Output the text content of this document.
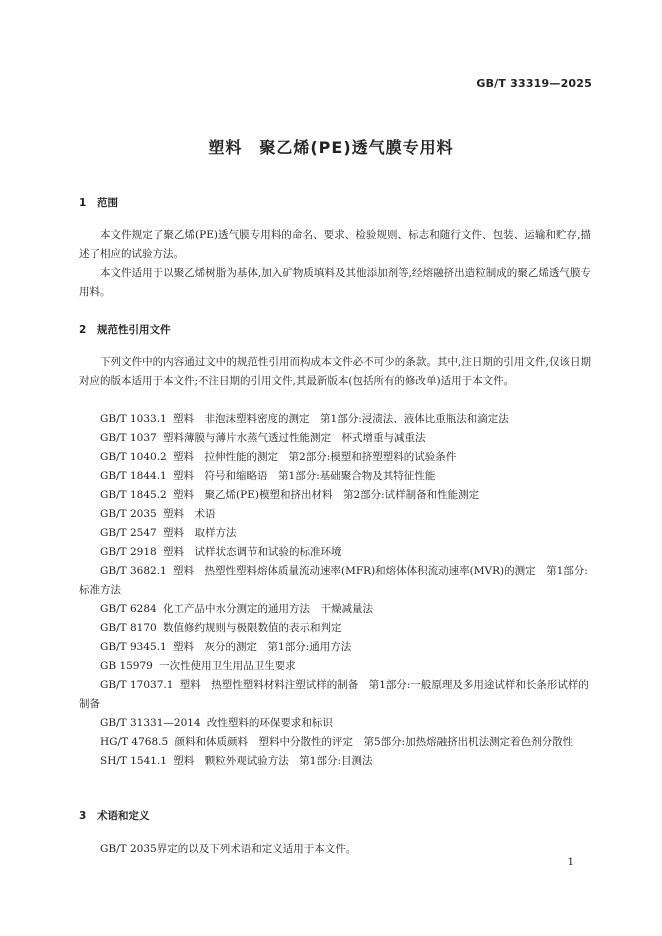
GB/T 33319—2025
塑料　聚乙烯(PE)透气膜专用料
1 范围

本文件规定了聚乙烯(PE)透气膜专用料的命名、要求、检验规则、标志和随行文件、包装、运输和贮存,描述了相应的试验方法。

本文件适用于以聚乙烯树脂为基体,加入矿物质填料及其他添加剂等,经熔融挤出造粒制成的聚乙烯透气膜专用料。

2 规范性引用文件

下列文件中的内容通过文中的规范性引用而构成本文件必不可少的条款。其中,注日期的引用文件,仅该日期对应的版本适用于本文件;不注日期的引用文件,其最新版本(包括所有的修改单)适用于本文件。

GB/T 1033.1 塑料　非泡沫塑料密度的测定　第1部分:浸渍法、液体比重瓶法和滴定法
GB/T 1037 塑料薄膜与薄片水蒸气透过性能测定　杯式增重与减重法
GB/T 1040.2 塑料　拉伸性能的测定　第2部分:模塑和挤塑塑料的试验条件
GB/T 1844.1 塑料　符号和缩略语　第1部分:基础聚合物及其特征性能
GB/T 1845.2 塑料　聚乙烯(PE)模塑和挤出材料　第2部分:试样制备和性能测定
GB/T 2035 塑料　术语
GB/T 2547 塑料　取样方法
GB/T 2918 塑料　试样状态调节和试验的标准环境
GB/T 3682.1 塑料　热塑性塑料熔体质量流动速率(MFR)和熔体体积流动速率(MVR)的测定　第1部分:标准方法
GB/T 6284 化工产品中水分测定的通用方法　干燥减量法
GB/T 8170 数值修约规则与极限数值的表示和判定
GB/T 9345.1 塑料　灰分的测定　第1部分:通用方法
GB 15979 一次性使用卫生用品卫生要求
GB/T 17037.1 塑料　热塑性塑料材料注塑试样的制备　第1部分:一般原理及多用途试样和长条形试样的制备
GB/T 31331—2014 改性塑料的环保要求和标识
HG/T 4768.5 颜料和体质颜料　塑料中分散性的评定　第5部分:加热熔融挤出机法测定着色剂分散性
SH/T 1541.1 塑料　颗粒外观试验方法　第1部分:目测法
3 术语和定义

GB/T 2035界定的以及下列术语和定义适用于本文件。

1
